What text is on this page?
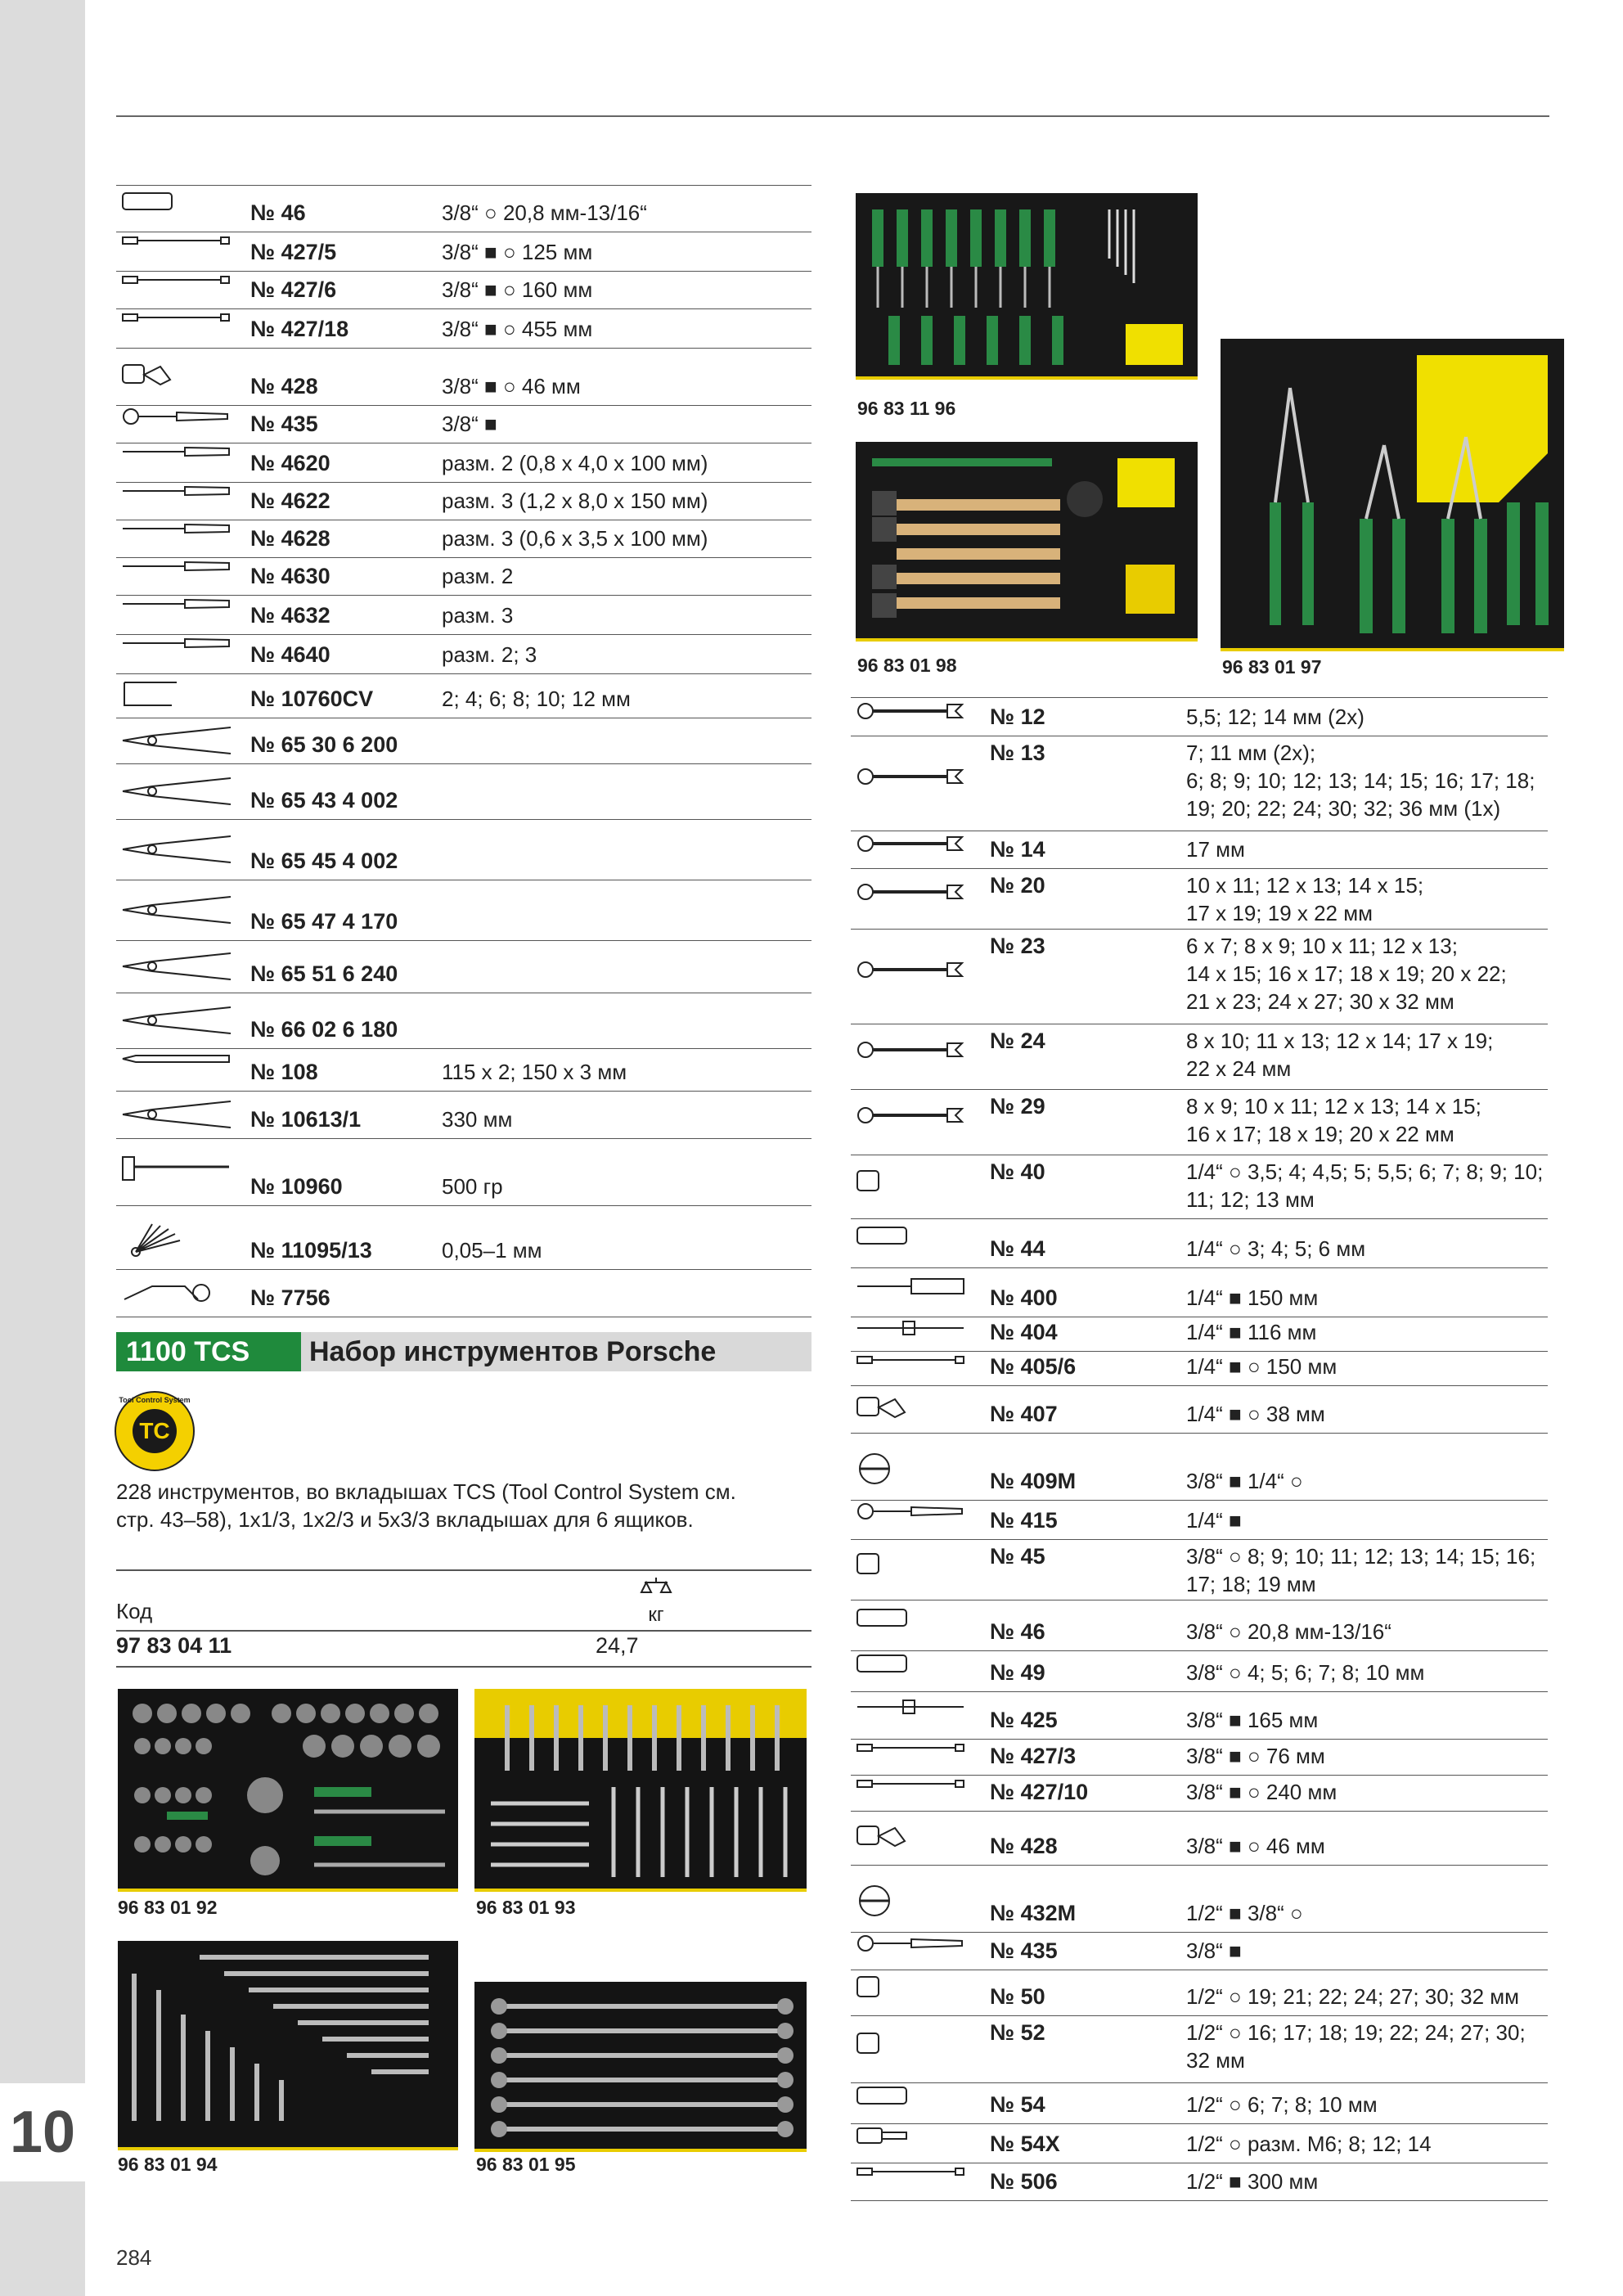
10
№ 46	3/8“ ○ 20,8 мм-13/16“
№ 427/5	3/8“ ■ ○ 125 мм
№ 427/6	3/8“ ■ ○ 160 мм
№ 427/18	3/8“ ■ ○ 455 мм
№ 428	3/8“ ■ ○ 46 мм
№ 435	3/8“ ■
№ 4620	разм. 2 (0,8 x 4,0 x 100 мм)
№ 4622	разм. 3 (1,2 x 8,0 x 150 мм)
№ 4628	разм. 3 (0,6 x 3,5 x 100 мм)
№ 4630	разм. 2
№ 4632	разм. 3
№ 4640	разм. 2; 3
№ 10760CV	2; 4; 6; 8; 10; 12 мм
№ 65 30 6 200
№ 65 43 4 002
№ 65 45 4 002
№ 65 47 4 170
№ 65 51 6 240
№ 66 02 6 180
№ 108	115 x 2; 150 x 3 мм
№ 10613/1	330 мм
№ 10960	500 гр
№ 11095/13	0,05–1 мм
№ 7756
1100 TCS	Набор инструментов Porsche
Tool Control System
TC
228 инструментов, во вкладышах TCS (Tool Control System см. стр. 43–58), 1x1/3, 1x2/3 и 5x3/3 вкладышах для 6 ящиков.
Код	кг
97 83 04 11	24,7
96 83 11 96
96 83 01 98	96 83 01 97
96 83 01 92	96 83 01 93
96 83 01 94	96 83 01 95
№ 12	5,5; 12; 14 мм (2x)
№ 13	7; 11 мм (2x);
6; 8; 9; 10; 12; 13; 14; 15; 16; 17; 18;
19; 20; 22; 24; 30; 32; 36 мм (1x)
№ 14	17 мм
№ 20	10 x 11; 12 x 13; 14 x 15;
17 x 19; 19 x 22 мм
№ 23	6 x 7; 8 x 9; 10 x 11; 12 x 13;
14 x 15; 16 x 17; 18 x 19; 20 x 22;
21 x 23; 24 x 27; 30 x 32 мм
№ 24	8 x 10; 11 x 13; 12 x 14; 17 x 19;
22 x 24 мм
№ 29	8 x 9; 10 x 11; 12 x 13; 14 x 15;
16 x 17; 18 x 19; 20 x 22 мм
№ 40	1/4“ ○ 3,5; 4; 4,5; 5; 5,5; 6; 7; 8; 9; 10;
11; 12; 13 мм
№ 44	1/4“ ○ 3; 4; 5; 6 мм
№ 400	1/4“ ■ 150 мм
№ 404	1/4“ ■ 116 мм
№ 405/6	1/4“ ■ ○ 150 мм
№ 407	1/4“ ■ ○ 38 мм
№ 409M	3/8“ ■ 1/4“ ○
№ 415	1/4“ ■
№ 45	3/8“ ○ 8; 9; 10; 11; 12; 13; 14; 15; 16;
17; 18; 19 мм
№ 46	3/8“ ○ 20,8 мм-13/16“
№ 49	3/8“ ○ 4; 5; 6; 7; 8; 10 мм
№ 425	3/8“ ■ 165 мм
№ 427/3	3/8“ ■ ○ 76 мм
№ 427/10	3/8“ ■ ○ 240 мм
№ 428	3/8“ ■ ○ 46 мм
№ 432M	1/2“ ■ 3/8“ ○
№ 435	3/8“ ■
№ 50	1/2“ ○ 19; 21; 22; 24; 27; 30; 32 мм
№ 52	1/2“ ○ 16; 17; 18; 19; 22; 24; 27; 30;
32 мм
№ 54	1/2“ ○ 6; 7; 8; 10 мм
№ 54X	1/2“ ○ разм. M6; 8; 12; 14
№ 506	1/2“ ■ 300 мм
284
